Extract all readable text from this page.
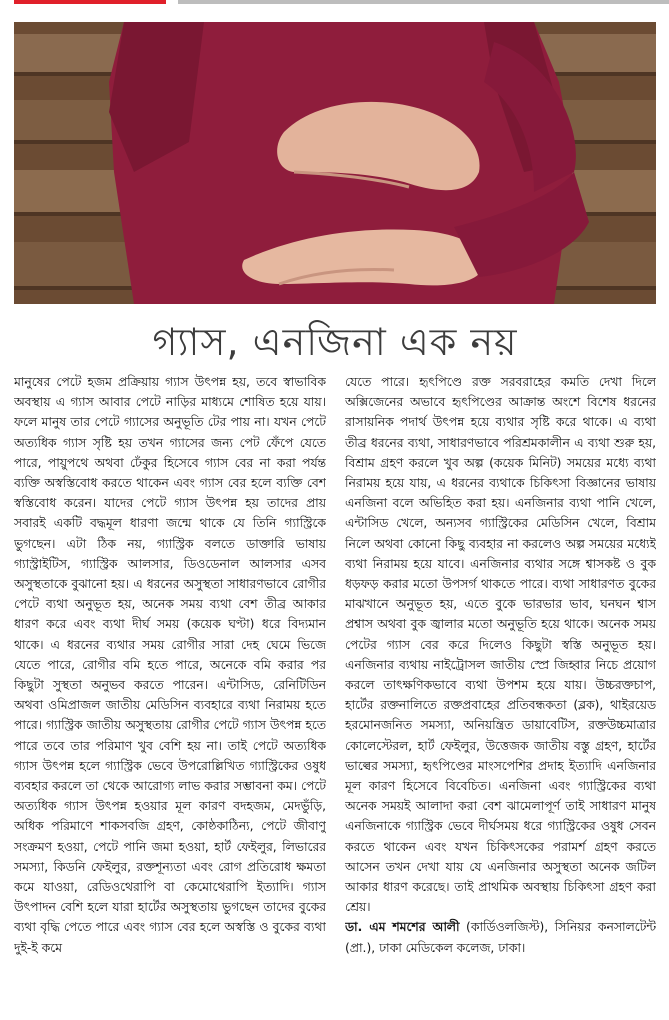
গ্যাস, এনজিনা এক নয়

মানুষের পেটে হজম প্রক্রিয়ায় গ্যাস উৎপন্ন হয়, তবে স্বাভাবিক অবস্থায় এ গ্যাস আবার পেটে নাড়ির মাধ্যমে শোষিত হয়ে যায়। ফলে মানুষ তার পেটে গ্যাসের অনুভূতি টের পায় না। যখন পেটে অত্যধিক গ্যাস সৃষ্টি হয় তখন গ্যাসের জন্য পেট ফেঁপে যেতে পারে, পায়ুপথে অথবা ঢেঁকুর হিসেবে গ্যাস বের না করা পর্যন্ত ব্যক্তি অস্বস্তিবোধ করতে থাকেন এবং গ্যাস বের হলে ব্যক্তি বেশ স্বস্তিবোধ করেন। যাদের পেটে গ্যাস উৎপন্ন হয় তাদের প্রায় সবারই একটি বদ্ধমূল ধারণা জন্মে থাকে যে তিনি গ্যাস্ট্রিকে ভুগছেন। এটা ঠিক নয়, গ্যাস্ট্রিক বলতে ডাক্তারি ভাষায় গ্যাস্ট্রাইটিস, গ্যাস্ট্রিক আলসার, ডিওডেনাল আলসার এসব অসুস্থতাকে বুঝানো হয়। এ ধরনের অসুস্থতা সাধারণভাবে রোগীর পেটে ব্যথা অনুভূত হয়, অনেক সময় ব্যথা বেশ তীব্র আকার ধারণ করে এবং ব্যথা দীর্ঘ সময় (কয়েক ঘণ্টা) ধরে বিদ্যমান থাকে। এ ধরনের ব্যথার সময় রোগীর সারা দেহ ঘেমে ভিজে যেতে পারে, রোগীর বমি হতে পারে, অনেকে বমি করার পর কিছুটা সুস্থতা অনুভব করতে পারেন। এন্টাসিড, রেনিটিডিন অথবা ওমিপ্রাজল জাতীয় মেডিসিন ব্যবহারে ব্যথা নিরাময় হতে পারে। গ্যাস্ট্রিক জাতীয় অসুস্থতায় রোগীর পেটে গ্যাস উৎপন্ন হতে পারে তবে তার পরিমাণ খুব বেশি হয় না। তাই পেটে অত্যধিক গ্যাস উৎপন্ন হলে গ্যাস্ট্রিক ভেবে উপরোল্লিখিত গ্যাস্ট্রিকের ওষুধ ব্যবহার করলে তা থেকে আরোগ্য লাভ করার সম্ভাবনা কম। পেটে অত্যধিক গ্যাস উৎপন্ন হওয়ার মূল কারণ বদহজম, মেদভুঁড়ি, অধিক পরিমাণে শাকসবজি গ্রহণ, কোষ্ঠকাঠিন্য, পেটে জীবাণু সংক্রমণ হওয়া, পেটে পানি জমা হওয়া, হার্ট ফেইলুর, লিভারের সমস্যা, কিডনি ফেইলুর, রক্তশূন্যতা এবং রোগ প্রতিরোধ ক্ষমতা কমে যাওয়া, রেডিওথেরাপি বা কেমোথেরাপি ইত্যাদি। গ্যাস উৎপাদন বেশি হলে যারা হার্টের অসুস্থতায় ভুগছেন তাদের বুকের ব্যথা বৃদ্ধি পেতে পারে এবং গ্যাস বের হলে অস্বস্তি ও বুকের ব্যথা দুই-ই কমে

যেতে পারে। হৃৎপিণ্ডে রক্ত সরবরাহের কমতি দেখা দিলে অক্সিজেনের অভাবে হৃৎপিণ্ডের আক্রান্ত অংশে বিশেষ ধরনের রাসায়নিক পদার্থ উৎপন্ন হয়ে ব্যথার সৃষ্টি করে থাকে। এ ব্যথা তীব্র ধরনের ব্যথা, সাধারণভাবে পরিশ্রমকালীন এ ব্যথা শুরু হয়, বিশ্রাম গ্রহণ করলে খুব অল্প (কয়েক মিনিট) সময়ের মধ্যে ব্যথা নিরাময় হয়ে যায়, এ ধরনের ব্যথাকে চিকিৎসা বিজ্ঞানের ভাষায় এনজিনা বলে অভিহিত করা হয়। এনজিনার ব্যথা পানি খেলে, এন্টাসিড খেলে, অন্যসব গ্যাস্ট্রিকের মেডিসিন খেলে, বিশ্রাম নিলে অথবা কোনো কিছু ব্যবহার না করলেও অল্প সময়ের মধ্যেই ব্যথা নিরাময় হয়ে যাবে। এনজিনার ব্যথার সঙ্গে শ্বাসকষ্ট ও বুক ধড়ফড় করার মতো উপসর্গ থাকতে পারে। ব্যথা সাধারণত বুকের মাঝখানে অনুভূত হয়, এতে বুকে ভারভার ভাব, ঘনঘন শ্বাস প্রশ্বাস অথবা বুক জ্বালার মতো অনুভূতি হয়ে থাকে। অনেক সময় পেটের গ্যাস বের করে দিলেও কিছুটা স্বস্তি অনুভূত হয়। এনজিনার ব্যথায় নাইট্রোসল জাতীয় স্প্রে জিহ্বার নিচে প্রয়োগ করলে তাৎক্ষণিকভাবে ব্যথা উপশম হয়ে যায়। উচ্চরক্তচাপ, হার্টের রক্তনালিতে রক্তপ্রবাহের প্রতিবন্ধকতা (ব্লক), থাইরয়েড হরমোনজনিত সমস্যা, অনিয়ন্ত্রিত ডায়াবেটিস, রক্তউচ্চমাত্রার কোলেস্টেরল, হার্ট ফেইলুর, উত্তেজক জাতীয় বস্তু গ্রহণ, হার্টের ভাল্বের সমস্যা, হৃৎপিণ্ডের মাংসপেশির প্রদাহ ইত্যাদি এনজিনার মূল কারণ হিসেবে বিবেচিত। এনজিনা এবং গ্যাস্ট্রিকের ব্যথা অনেক সময়ই আলাদা করা বেশ ঝামেলাপূর্ণ তাই সাধারণ মানুষ এনজিনাকে গ্যাস্ট্রিক ভেবে দীর্ঘসময় ধরে গ্যাস্ট্রিকের ওষুধ সেবন করতে থাকেন এবং যখন চিকিৎসকের পরামর্শ গ্রহণ করতে আসেন তখন দেখা যায় যে এনজিনার অসুস্থতা অনেক জটিল আকার ধারণ করেছে। তাই প্রাথমিক অবস্থায় চিকিৎসা গ্রহণ করা শ্রেয়।

ডা. এম শমশের আলী (কার্ডিওলজিস্ট), সিনিয়র কনসালটেন্ট (প্রা.), ঢাকা মেডিকেল কলেজ, ঢাকা।
